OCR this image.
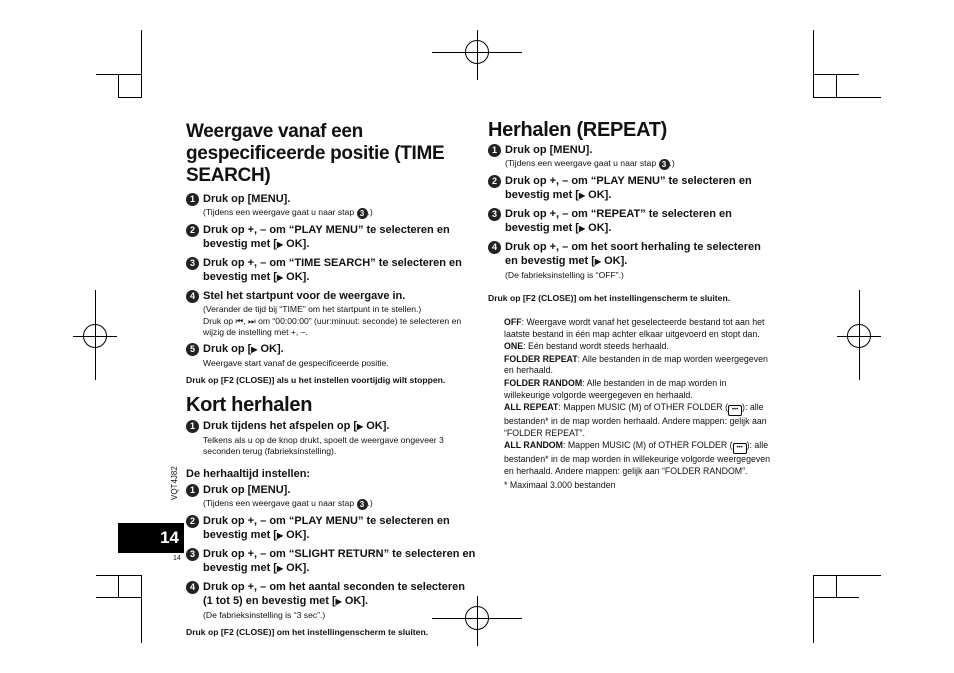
Weergave vanaf een gespecificeerde positie (TIME SEARCH)
1 Druk op [MENU].
(Tijdens een weergave gaat u naar stap 3 .)
2 Druk op +, – om “PLAY MENU” te selecteren en bevestig met [▶ OK].
3 Druk op +, – om “TIME SEARCH” te selecteren en bevestig met [▶ OK].
4 Stel het startpunt voor de weergave in.
(Verander de tijd bij “TIME” om het startpunt in te stellen.)
Druk op ⏮, ⏭ om “00:00:00” (uur:minuut: seconde) te selecteren en wijzig de instelling met +, –.
5 Druk op [▶ OK].
Weergave start vanaf de gespecificeerde positie.
Druk op [F2 (CLOSE)] als u het instellen voortijdig wilt stoppen.
Kort herhalen
1 Druk tijdens het afspelen op [▶ OK].
Telkens als u op de knop drukt, spoelt de weergave ongeveer 3 seconden terug (fabrieksinstelling).
De herhaaltijd instellen:
1 Druk op [MENU].
(Tijdens een weergave gaat u naar stap 3 .)
2 Druk op +, – om “PLAY MENU” te selecteren en bevestig met [▶ OK].
3 Druk op +, – om “SLIGHT RETURN” te selecteren en bevestig met [▶ OK].
4 Druk op +, – om het aantal seconden te selecteren (1 tot 5) en bevestig met [▶ OK].
(De fabrieksinstelling is “3 sec”.)
Druk op [F2 (CLOSE)] om het instellingenscherm te sluiten.
Herhalen (REPEAT)
1 Druk op [MENU].
(Tijdens een weergave gaat u naar stap 3 .)
2 Druk op +, – om “PLAY MENU” te selecteren en bevestig met [▶ OK].
3 Druk op +, – om “REPEAT” te selecteren en bevestig met [▶ OK].
4 Druk op +, – om het soort herhaling te selecteren en bevestig met [▶ OK].
(De fabrieksinstelling is “OFF”.)
Druk op [F2 (CLOSE)] om het instellingenscherm te sluiten.
OFF: Weergave wordt vanaf het geselecteerde bestand tot aan het laatste bestand in één map achter elkaar uitgevoerd en stopt dan.
ONE: Eén bestand wordt steeds herhaald.
FOLDER REPEAT: Alle bestanden in de map worden weergegeven en herhaald.
FOLDER RANDOM: Alle bestanden in de map worden in willekeurige volgorde weergegeven en herhaald.
ALL REPEAT: Mappen MUSIC (M) of OTHER FOLDER ( ••• ): alle bestanden* in de map worden herhaald. Andere mappen: gelijk aan “FOLDER REPEAT”.
ALL RANDOM: Mappen MUSIC (M) of OTHER FOLDER ( ••• ): alle bestanden* in de map worden in willekeurige volgorde weergegeven en herhaald. Andere mappen: gelijk aan “FOLDER RANDOM”.
* Maximaal 3.000 bestanden
VQT4J82
14
14
